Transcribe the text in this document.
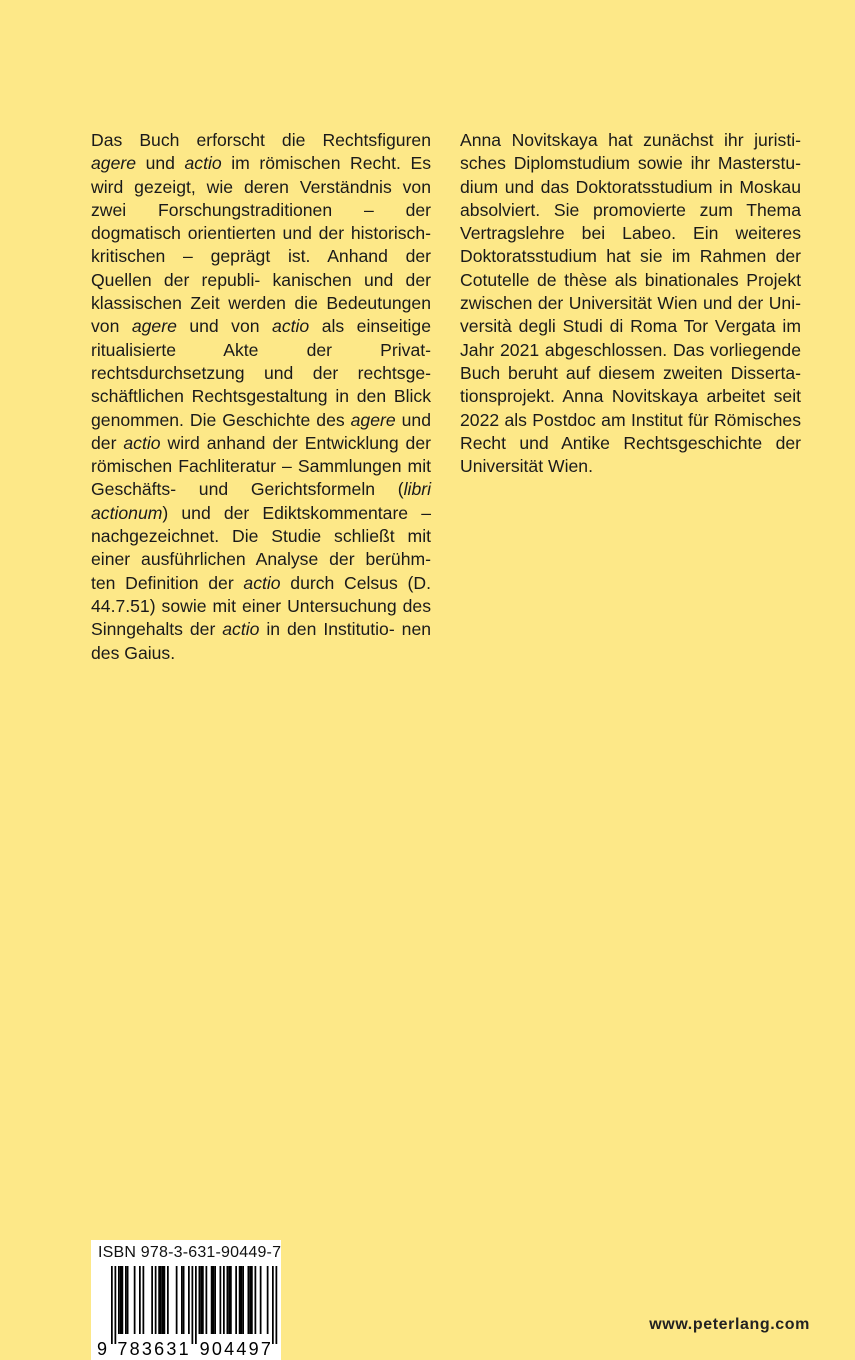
Das Buch erforscht die Rechtsfiguren agere und actio im römischen Recht. Es wird gezeigt, wie deren Verständnis von zwei Forschungstraditionen – der dogmatisch orientierten und der historisch-kritischen – geprägt ist. Anhand der Quellen der republi- kanischen und der klassischen Zeit werden die Bedeutungen von agere und von actio als einseitige ritualisierte Akte der Privat- rechtsdurchsetzung und der rechtsge- schäftlichen Rechtsgestaltung in den Blick genommen. Die Geschichte des agere und der actio wird anhand der Entwicklung der römischen Fachliteratur – Sammlungen mit Geschäfts- und Gerichtsformeln (libri actionum) und der Ediktskommentare – nachgezeichnet. Die Studie schließt mit einer ausführlichen Analyse der berühm- ten Definition der actio durch Celsus (D. 44.7.51) sowie mit einer Untersuchung des Sinngehalts der actio in den Institutio- nen des Gaius.
Anna Novitskaya hat zunächst ihr juristi- sches Diplomstudium sowie ihr Masterstu- dium und das Doktoratsstudium in Moskau absolviert. Sie promovierte zum Thema Vertragslehre bei Labeo. Ein weiteres Doktoratsstudium hat sie im Rahmen der Cotutelle de thèse als binationales Projekt zwischen der Universität Wien und der Uni- versità degli Studi di Roma Tor Vergata im Jahr 2021 abgeschlossen. Das vorliegende Buch beruht auf diesem zweiten Disserta- tionsprojekt. Anna Novitskaya arbeitet seit 2022 als Postdoc am Institut für Römisches Recht und Antike Rechtsgeschichte der Universität Wien.
ISBN 978-3-631-90449-7
9 7 8 3 6 3 1 9 0 4 4 9 7
www.peterlang.com
